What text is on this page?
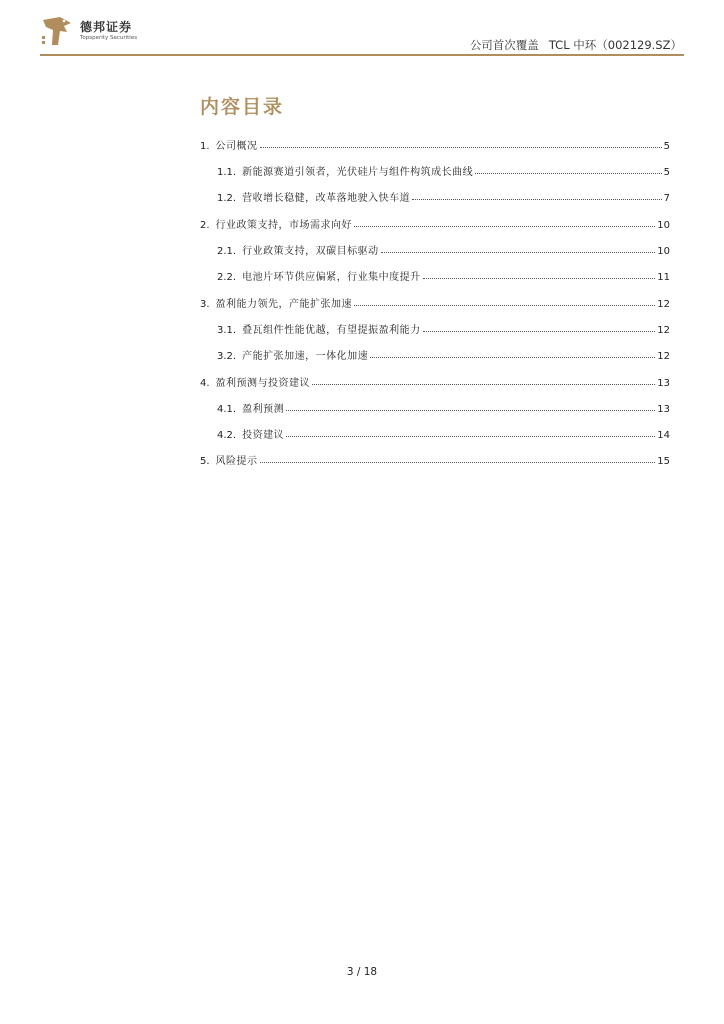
德邦证券
Topsperity Securities	公司首次覆盖 TCL 中环（002129.SZ）
内容目录
1. 公司概况	5
1.1. 新能源赛道引领者，光伏硅片与组件构筑成长曲线	5
1.2. 营收增长稳健，改革落地驶入快车道	7
2. 行业政策支持，市场需求向好	10
2.1. 行业政策支持，双碳目标驱动	10
2.2. 电池片环节供应偏紧，行业集中度提升	11
3. 盈利能力领先，产能扩张加速	12
3.1. 叠瓦组件性能优越，有望提振盈利能力	12
3.2. 产能扩张加速，一体化加速	12
4. 盈利预测与投资建议	13
4.1. 盈利预测	13
4.2. 投资建议	14
5. 风险提示	15
3 / 18
